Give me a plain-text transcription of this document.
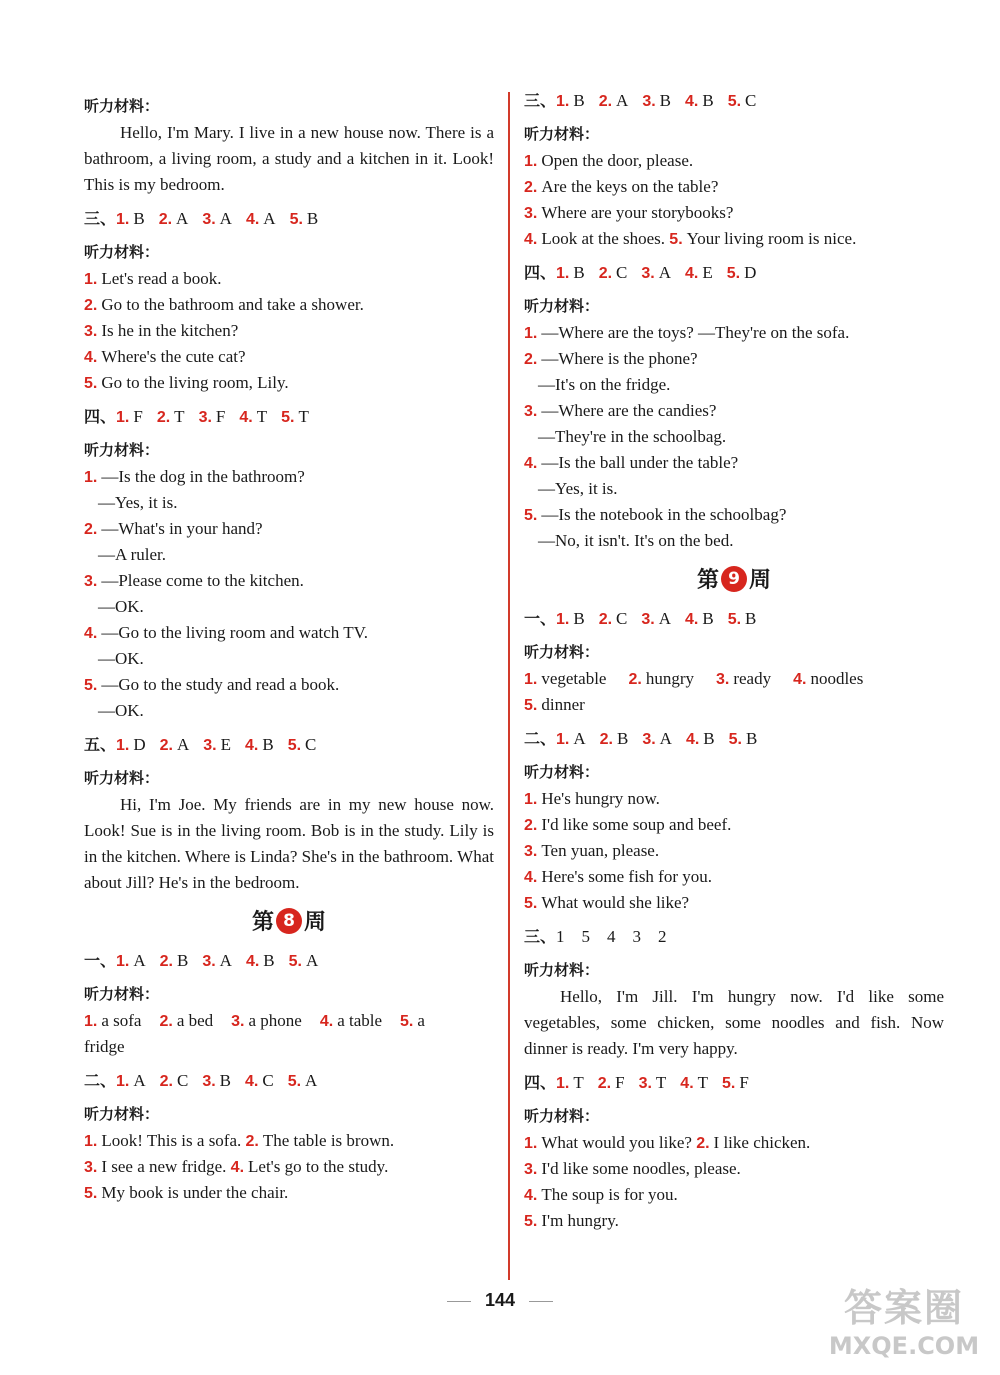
听力材料：
Hello, I'm Mary. I live in a new house now. There is a bathroom, a living room, a study and a kitchen in it. Look! This is my bedroom.
三、1. B 2. A 3. A 4. A 5. B
听力材料：
1. Let's read a book.
2. Go to the bathroom and take a shower.
3. Is he in the kitchen?
4. Where's the cute cat?
5. Go to the living room, Lily.
四、1. F 2. T 3. F 4. T 5. T
听力材料：
1. —Is the dog in the bathroom?
—Yes, it is.
2. —What's in your hand?
—A ruler.
3. —Please come to the kitchen.
—OK.
4. —Go to the living room and watch TV.
—OK.
5. —Go to the study and read a book.
—OK.
五、1. D 2. A 3. E 4. B 5. C
听力材料：
Hi, I'm Joe. My friends are in my new house now. Look! Sue is in the living room. Bob is in the study. Lily is in the kitchen. Where is Linda? She's in the bathroom. What about Jill? He's in the bedroom.
第 8 周
一、1. A 2. B 3. A 4. B 5. A
听力材料：
1. a sofa 2. a bed 3. a phone 4. a table 5. a
fridge
二、1. A 2. C 3. B 4. C 5. A
听力材料：
1. Look! This is a sofa. 2. The table is brown.
3. I see a new fridge. 4. Let's go to the study.
5. My book is under the chair.
三、1. B 2. A 3. B 4. B 5. C
听力材料：
1. Open the door, please.
2. Are the keys on the table?
3. Where are your storybooks?
4. Look at the shoes. 5. Your living room is nice.
四、1. B 2. C 3. A 4. E 5. D
听力材料：
1. —Where are the toys? —They're on the sofa.
2. —Where is the phone?
—It's on the fridge.
3. —Where are the candies?
—They're in the schoolbag.
4. —Is the ball under the table?
—Yes, it is.
5. —Is the notebook in the schoolbag?
—No, it isn't. It's on the bed.
第 9 周
一、1. B 2. C 3. A 4. B 5. B
听力材料：
1. vegetable 2. hungry 3. ready 4. noodles
5. dinner
二、1. A 2. B 3. A 4. B 5. B
听力材料：
1. He's hungry now.
2. I'd like some soup and beef.
3. Ten yuan, please.
4. Here's some fish for you.
5. What would she like?
三、1　5　4　3　2
听力材料：
Hello, I'm Jill. I'm hungry now. I'd like some vegetables, some chicken, some noodles and fish. Now dinner is ready. I'm very happy.
四、1. T 2. F 3. T 4. T 5. F
听力材料：
1. What would you like? 2. I like chicken.
3. I'd like some noodles, please.
4. The soup is for you.
5. I'm hungry.
144	答案圈
MXQE.COM
